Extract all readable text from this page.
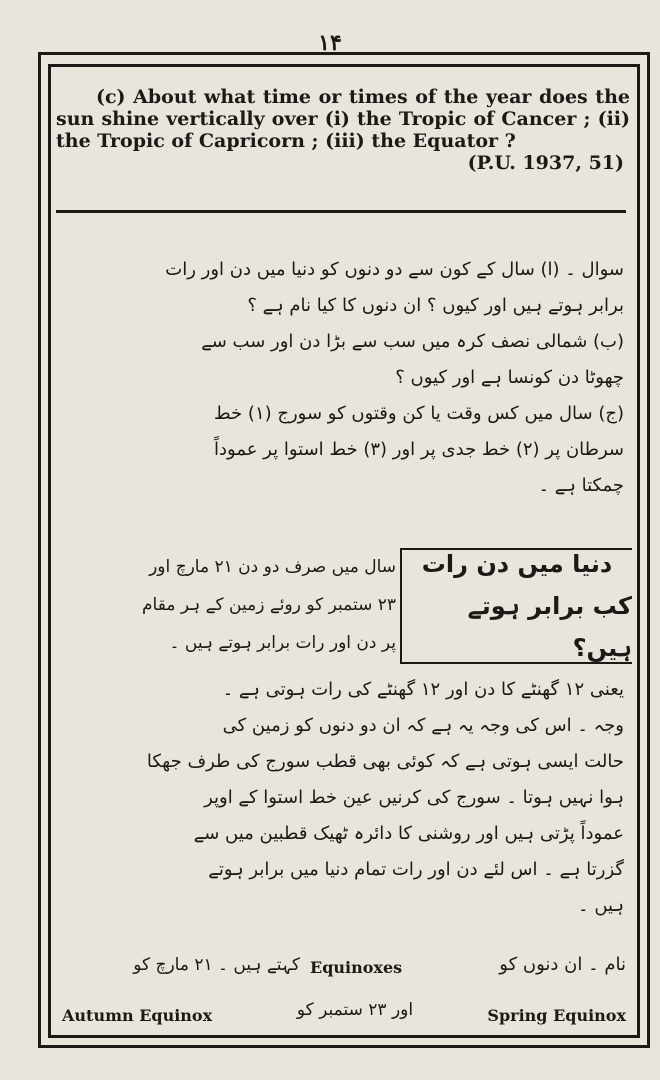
۱۴
(c) About what time or times of the year does the sun shine vertically over (i) the Tropic of Cancer ; (ii) the Tropic of Capricorn ; (iii) the Equator ?
(P.U. 1937, 51)
سوال ۔ (ا) سال کے کون سے دو دنوں کو دنیا میں دن اور رات
برابر ہوتے ہیں اور کیوں ؟ ان دنوں کا کیا نام ہے ؟
(ب) شمالی نصف کرہ میں سب سے بڑا دن اور سب سے
چھوٹا دن کونسا ہے اور کیوں ؟
(ج) سال میں کس وقت یا کن وقتوں کو سورج (۱) خط
سرطان پر (۲) خط جدی پر اور (۳) خط استوا پر عموداً
چمکتا ہے ۔
دنیا میں دن رات
کب برابر ہوتے ہیں؟
سال میں صرف دو دن ۲۱ مارچ اور
۲۳ ستمبر کو روئے زمین کے ہر مقام
پر دن اور رات برابر ہوتے ہیں ۔
یعنی ۱۲ گھنٹے کا دن اور ۱۲ گھنٹے کی رات ہوتی ہے ۔
وجہ ۔ اس کی وجہ یہ ہے کہ ان دو دنوں کو زمین کی
حالت ایسی ہوتی ہے کہ کوئی بھی قطب سورج کی طرف جھکا
ہوا نہیں ہوتا ۔ سورج کی کرنیں عین خط استوا کے اوپر
عموداً پڑتی ہیں اور روشنی کا دائرہ ٹھیک قطبین میں سے
گزرتا ہے ۔ اس لئے دن اور رات تمام دنیا میں برابر ہوتے
ہیں ۔
نام ۔ ان دنوں کو
Equinoxes
کہتے ہیں ۔ ۲۱ مارچ کو
Autumn Equinox	اور ۲۳ ستمبر کو	Spring Equinox
